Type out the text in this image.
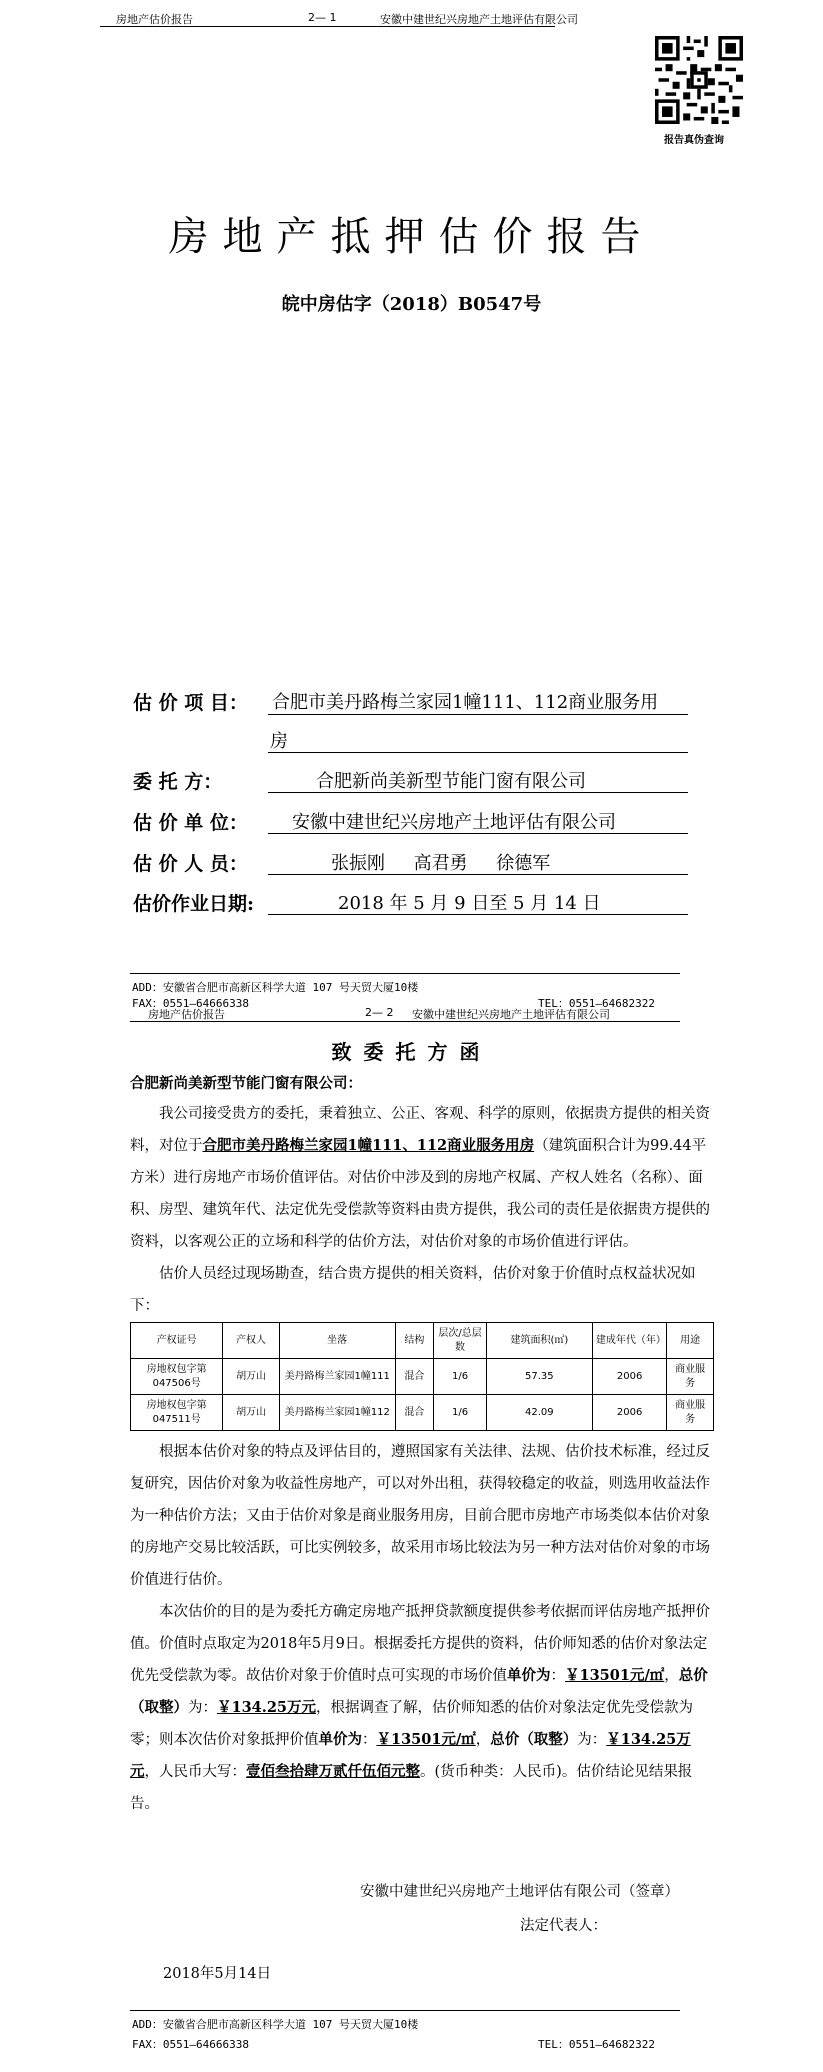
房地产估价报告	2— 1	安徽中建世纪兴房地产土地评估有限公司
报告真伪查询
房地产抵押估价报告
皖中房估字（2018）B0547号
估 价 项 目： 合肥市美丹路梅兰家园1幢111、112商业服务用
房
委 托 方：	合肥新尚美新型节能门窗有限公司
估 价 单 位： 安徽中建世纪兴房地产土地评估有限公司
估 价 人 员：	张振刚     高君勇     徐德军
估价作业日期:	2018 年 5 月 9 日至 5 月 14 日
ADD：安徽省合肥市高新区科学大道 107 号天贸大厦10楼
FAX：0551—64666338	TEL：0551—64682322
房地产估价报告	2— 2 安徽中建世纪兴房地产土地评估有限公司
致委托方函
合肥新尚美新型节能门窗有限公司：
我公司接受贵方的委托，秉着独立、公正、客观、科学的原则，依据贵方提供的相关资料，对位于合肥市美丹路梅兰家园1幢111、112商业服务用房（建筑面积合计为99.44平方米）进行房地产市场价值评估。对估价中涉及到的房地产权属、产权人姓名（名称）、面积、房型、建筑年代、法定优先受偿款等资料由贵方提供，我公司的责任是依据贵方提供的资料，以客观公正的立场和科学的估价方法，对估价对象的市场价值进行评估。
估价人员经过现场勘查，结合贵方提供的相关资料，估价对象于价值时点权益状况如下：
产权证号	产权人	坐落	结构	层次/总层数	建筑面积(㎡)	建成年代（年）	用途
房地权包字第047506号	胡万山	美丹路梅兰家园1幢111	混合	1/6	57.35	2006	商业服务
房地权包字第047511号	胡万山	美丹路梅兰家园1幢112	混合	1/6	42.09	2006	商业服务
根据本估价对象的特点及评估目的，遵照国家有关法律、法规、估价技术标准，经过反复研究，因估价对象为收益性房地产，可以对外出租，获得较稳定的收益，则选用收益法作为一种估价方法；又由于估价对象是商业服务用房，目前合肥市房地产市场类似本估价对象的房地产交易比较活跃，可比实例较多，故采用市场比较法为另一种方法对估价对象的市场价值进行估价。
本次估价的目的是为委托方确定房地产抵押贷款额度提供参考依据而评估房地产抵押价值。价值时点取定为2018年5月9日。根据委托方提供的资料，估价师知悉的估价对象法定优先受偿款为零。故估价对象于价值时点可实现的市场价值单价为：￥13501元/㎡，总价（取整）为：￥134.25万元，根据调查了解，估价师知悉的估价对象法定优先受偿款为零；则本次估价对象抵押价值单价为：￥13501元/㎡，总价（取整）为：￥134.25万元，人民币大写：壹佰叁拾肆万贰仟伍佰元整。(货币种类：人民币)。估价结论见结果报告。
安徽中建世纪兴房地产土地评估有限公司（签章）
法定代表人：
2018年5月14日
ADD：安徽省合肥市高新区科学大道 107 号天贸大厦10楼
FAX：0551—64666338	TEL：0551—64682322
